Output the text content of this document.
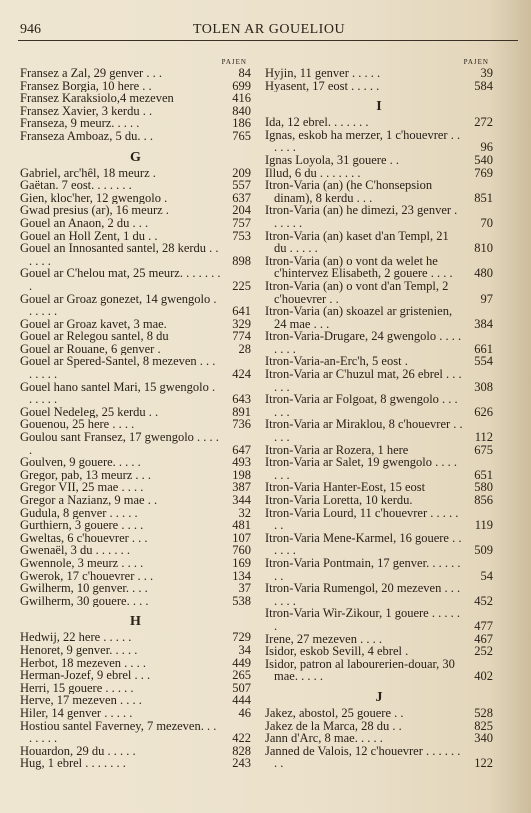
946	TOLEN AR GOUELIOU
PAJEN
Fransez a Zal, 29 genver . . .	84
Fransez Borgia, 10 here . .	699
Fransez Karaksiolo,4 mezeven	416
Fransez Xavier, 3 kerdu . .	840
Franseza, 9 meurz. . . . .	186
Franseza Amboaz, 5 du. . .	765
G
Gabriel, arc'hêl, 18 meurz .	209
Gaëtan. 7 eost. . . . . . .	557
Gien, kloc'her, 12 gwengolo .	637
Gwad presius (ar), 16 meurz .	204
Gouel an Anaon, 2 du . . .	757
Gouel an Holl Zent, 1 du . .	753
Gouel an Innosanted santel, 28 kerdu . . . . . .	898
Gouel ar C'helou mat, 25 meurz. . . . . . . .	225
Gouel ar Groaz gonezet, 14 gwengolo . . . . . .	641
Gouel ar Groaz kavet, 3 mae.	329
Gouel ar Relegou santel, 8 du	774
Gouel ar Rouane, 6 genver .	28
Gouel ar Spered-Santel, 8 mezeven . . . . . . . .	424
Gouel hano santel Mari, 15 gwengolo . . . . . .	643
Gouel Nedeleg, 25 kerdu . .	891
Gouenou, 25 here . . . .	736
Goulou sant Fransez, 17 gwengolo . . . . .	647
Goulven, 9 gouere. . . . .	493
Gregor, pab, 13 meurz . . .	198
Gregor VII, 25 mae . . . .	387
Gregor a Nazianz, 9 mae . .	344
Gudula, 8 genver . . . . .	32
Gurthiern, 3 gouere . . . .	481
Gweltas, 6 c'houevrer . . .	107
Gwenaël, 3 du . . . . . .	760
Gwennole, 3 meurz . . . .	169
Gwerok, 17 c'houevrer . . .	134
Gwilherm, 10 genver. . . .	37
Gwilherm, 30 gouere. . . .	538
H
Hedwij, 22 here . . . . .	729
Henoret, 9 genver. . . . .	34
Herbot, 18 mezeven . . . .	449
Herman-Jozef, 9 ebrel . . .	265
Herri, 15 gouere . . . . .	507
Herve, 17 mezeven . . . .	444
Hiler, 14 genver . . . . .	46
Hostiou santel Faverney, 7 mezeven. . . . . . . .	422
Houardon, 29 du . . . . .	828
Hug, 1 ebrel . . . . . . .	243
PAJEN
Hyjin, 11 genver . . . . .	39
Hyasent, 17 eost . . . . .	584
I
Ida, 12 ebrel. . . . . . .	272
Ignas, eskob ha merzer, 1 c'houevrer . . . . . .	96
Ignas Loyola, 31 gouere . .	540
Illud, 6 du . . . . . . .	769
Itron-Varia (an) (he C'honsepsion dinam), 8 kerdu . . .	851
Itron-Varia (an) he dimezi, 23 genver . . . . . .	70
Itron-Varia (an) kaset d'an Templ, 21 du . . . . .	810
Itron-Varia (an) o vont da welet he c'hintervez Elisabeth, 2 gouere . . . .	480
Itron-Varia (an) o vont d'an Templ, 2 c'houevrer . .	97
Itron-Varia (an) skoazel ar gristenien, 24 mae . . .	384
Itron-Varia-Drugare, 24 gwengolo . . . . . . . .	661
Itron-Varia-an-Erc'h, 5 eost .	554
Itron-Varia ar C'huzul mat, 26 ebrel . . . . . .	308
Itron-Varia ar Folgoat, 8 gwengolo . . . . . .	626
Itron-Varia ar Miraklou, 8 c'houevrer . . . . .	112
Itron-Varia ar Rozera, 1 here	675
Itron-Varia ar Salet, 19 gwengolo . . . . . . .	651
Itron-Varia Hanter-Eost, 15 eost	580
Itron-Varia Loretta, 10 kerdu.	856
Itron-Varia Lourd, 11 c'houevrer . . . . . . .	119
Itron-Varia Mene-Karmel, 16 gouere . . . . . .	509
Itron-Varia Pontmain, 17 genver. . . . . . . .	54
Itron-Varia Rumengol, 20 mezeven . . . . . . .	452
Itron-Varia Wir-Zikour, 1 gouere . . . . . .	477
Irene, 27 mezeven . . . .	467
Isidor, eskob Sevill, 4 ebrel .	252
Isidor, patron al labourerien-douar, 30 mae. . . . .	402
J
Jakez, abostol, 25 gouere . .	528
Jakez de la Marca, 28 du . .	825
Jann d'Arc, 8 mae. . . . .	340
Janned de Valois, 12 c'houevrer . . . . . . . .	122
